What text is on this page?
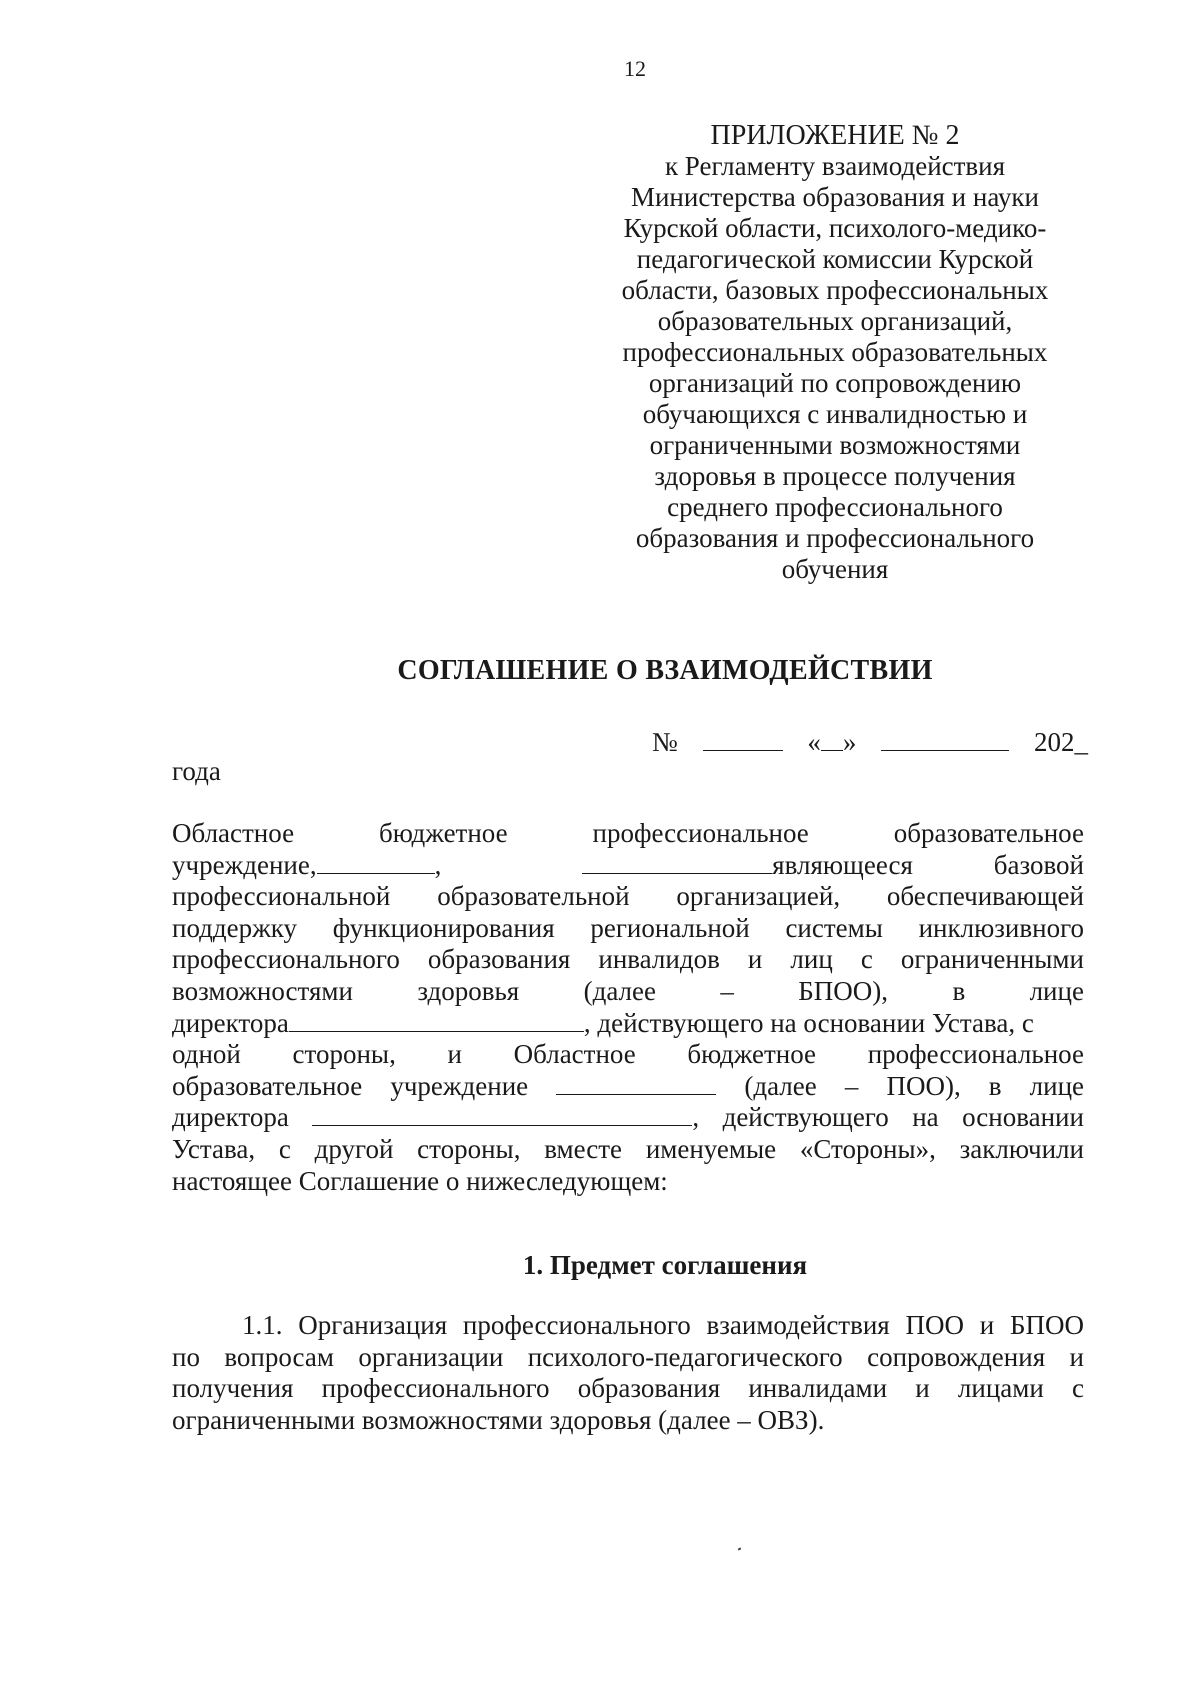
12
ПРИЛОЖЕНИЕ № 2
к Регламенту взаимодействия
Министерства образования и науки
Курской области, психолого-медико-
педагогической комиссии Курской
области, базовых профессиональных
образовательных организаций,
профессиональных образовательных
организаций по сопровождению
обучающихся с инвалидностью и
ограниченными возможностями
здоровья в процессе получения
среднего профессионального
образования и профессионального
обучения
СОГЛАШЕНИЕ О ВЗАИМОДЕЙСТВИИ
№	« »	202_
года
Областное	бюджетное	профессиональное	образовательное
учреждение,	,	являющееся	базовой
профессиональной образовательной организацией, обеспечивающей
поддержку функционирования региональной системы инклюзивного
профессионального образования инвалидов и лиц с ограниченными
возможностями здоровья (далее – БПОО), в лице
директора	, действующего на основании Устава, с
одной стороны, и Областное бюджетное профессиональное
образовательное учреждение	(далее – ПОО), в лице
директора	, действующего на основании
Устава, с другой стороны, вместе именуемые «Стороны», заключили
настоящее Соглашение о нижеследующем:
1. Предмет соглашения
1.1. Организация профессионального взаимодействия ПОО и БПОО
по вопросам организации психолого-педагогического сопровождения и
получения профессионального образования инвалидами и лицами с
ограниченными возможностями здоровья (далее – ОВЗ).
